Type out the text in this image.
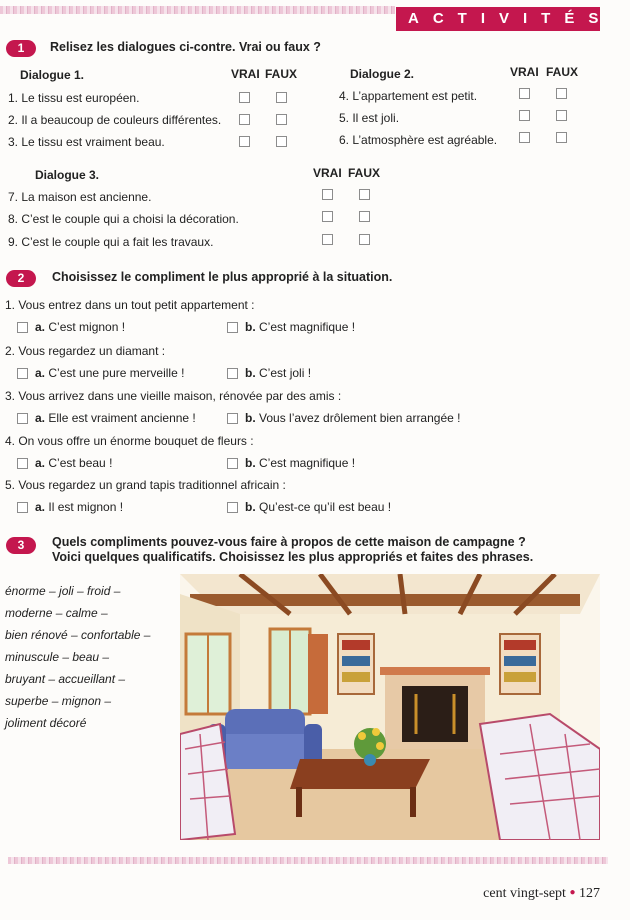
ACTIVITÉS
1	Relisez les dialogues ci-contre. Vrai ou faux ?
Dialogue 1.	VRAI FAUX
1. Le tissu est européen.
2. Il a beaucoup de couleurs différentes.
3. Le tissu est vraiment beau.
Dialogue 2.	VRAI FAUX
4. L’appartement est petit.
5. Il est joli.
6. L’atmosphère est agréable.
Dialogue 3.	VRAI FAUX
7. La maison est ancienne.
8. C’est le couple qui a choisi la décoration.
9. C’est le couple qui a fait les travaux.
2	Choisissez le compliment le plus approprié à la situation.
1. Vous entrez dans un tout petit appartement :
a. C’est mignon !	b. C’est magnifique !
2. Vous regardez un diamant :
a. C’est une pure merveille !	b. C’est joli !
3. Vous arrivez dans une vieille maison, rénovée par des amis :
a. Elle est vraiment ancienne !	b. Vous l’avez drôlement bien arrangée !
4. On vous offre un énorme bouquet de fleurs :
a. C’est beau !	b. C’est magnifique !
5. Vous regardez un grand tapis traditionnel africain :
a. Il est mignon !	b. Qu’est-ce qu’il est beau !
3	Quels compliments pouvez-vous faire à propos de cette maison de campagne ?
Voici quelques qualificatifs. Choisissez les plus appropriés et faites des phrases.
énorme – joli – froid –
moderne – calme –
bien rénové – confortable –
minuscule – beau –
bruyant – accueillant –
superbe – mignon –
joliment décoré
cent vingt-sept ● 127
